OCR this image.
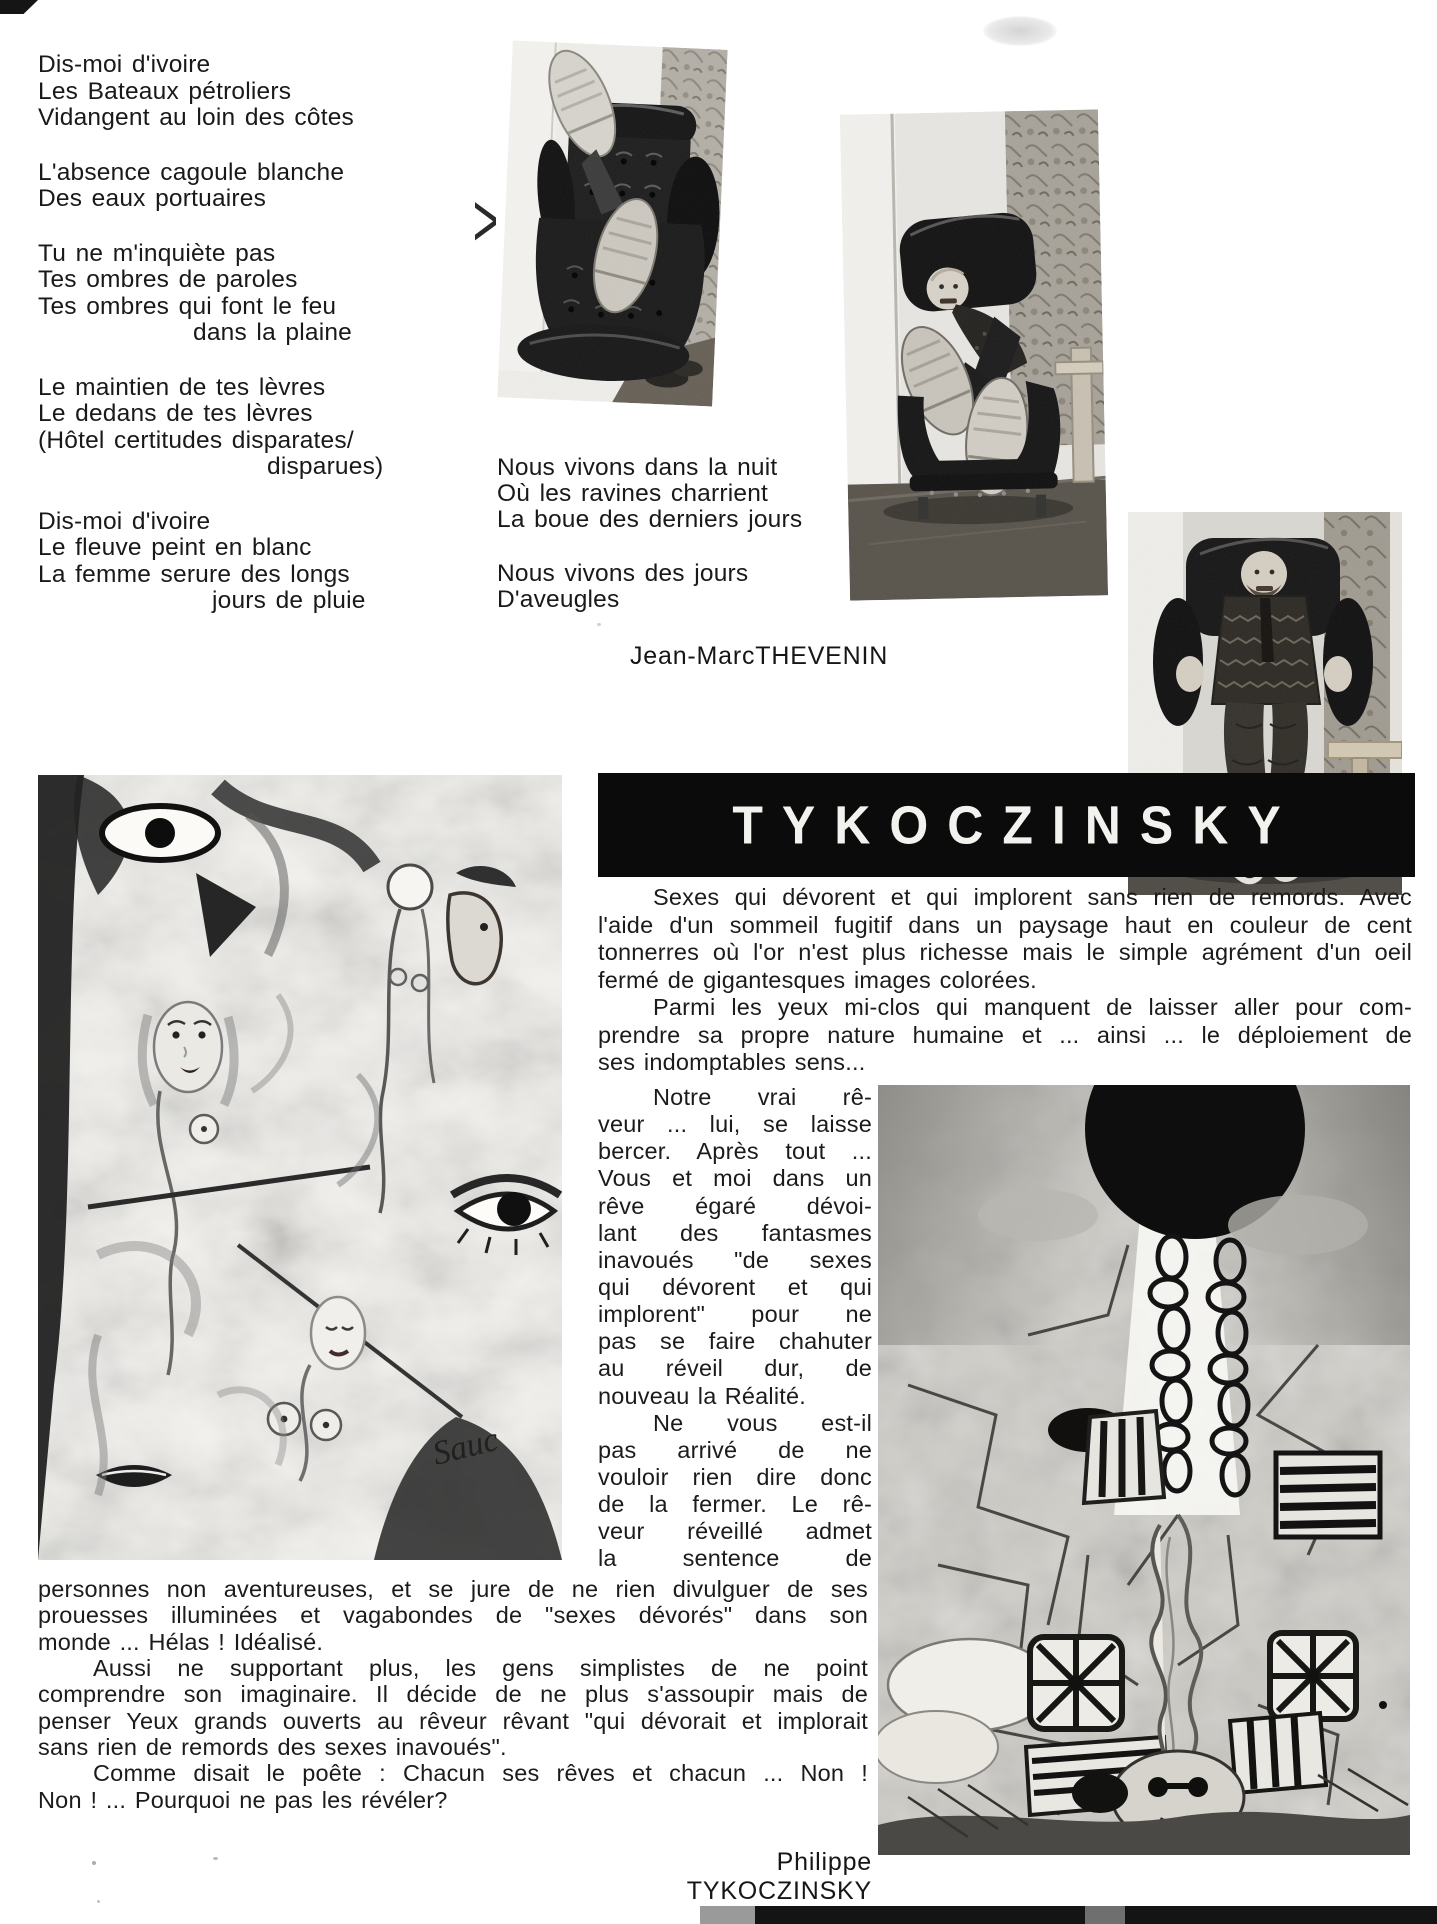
Dis-moi d'ivoire
Les Bateaux pétroliers
Vidangent au loin des côtes
L'absence cagoule blanche
Des eaux portuaires
Tu ne m'inquiète pas
Tes ombres de paroles
Tes ombres qui font le feu
dans la plaine
Le maintien de tes lèvres
Le dedans de tes lèvres
(Hôtel certitudes disparates/
disparues)
Dis-moi d'ivoire
Le fleuve peint en blanc
La femme serure des longs
jours de pluie
>
Nous vivons dans la nuit
Où les ravines charrient
La boue des derniers jours
Nous vivons des jours
D'aveugles
Jean-MarcTHEVENIN
Sauc
TYKOCZINSKY
Sexes qui dévorent et qui implorent sans rien de remords. Avec
l'aide d'un sommeil fugitif dans un paysage haut en couleur de cent
tonnerres où l'or n'est plus richesse mais le simple agrément d'un oeil
fermé de gigantesques images colorées.
Parmi les yeux mi-clos qui manquent de laisser aller pour com-
prendre sa propre nature humaine et ... ainsi ... le déploiement de
ses indomptables sens...
Notre vrai rê-
veur ... lui, se laisse
bercer. Après tout ...
Vous et moi dans un
rêve égaré dévoi-
lant des fantasmes
inavoués "de sexes
qui dévorent et qui
implorent" pour ne
pas se faire chahuter
au réveil dur, de
nouveau la Réalité.
Ne vous est-il
pas arrivé de ne
vouloir rien dire donc
de la fermer. Le rê-
veur réveillé admet
la sentence de
personnes non aventureuses, et se jure de ne rien divulguer de ses
prouesses illuminées et vagabondes de "sexes dévorés" dans son
monde ... Hélas ! Idéalisé.
Aussi ne supportant plus, les gens simplistes de ne point
comprendre son imaginaire. Il décide de ne plus s'assoupir mais de
penser Yeux grands ouverts au rêveur rêvant "qui dévorait et implorait
sans rien de remords des sexes inavoués".
Comme disait le poête : Chacun ses rêves et chacun ... Non !
Non ! ... Pourquoi ne pas les révéler?
Philippe TYKOCZINSKY
